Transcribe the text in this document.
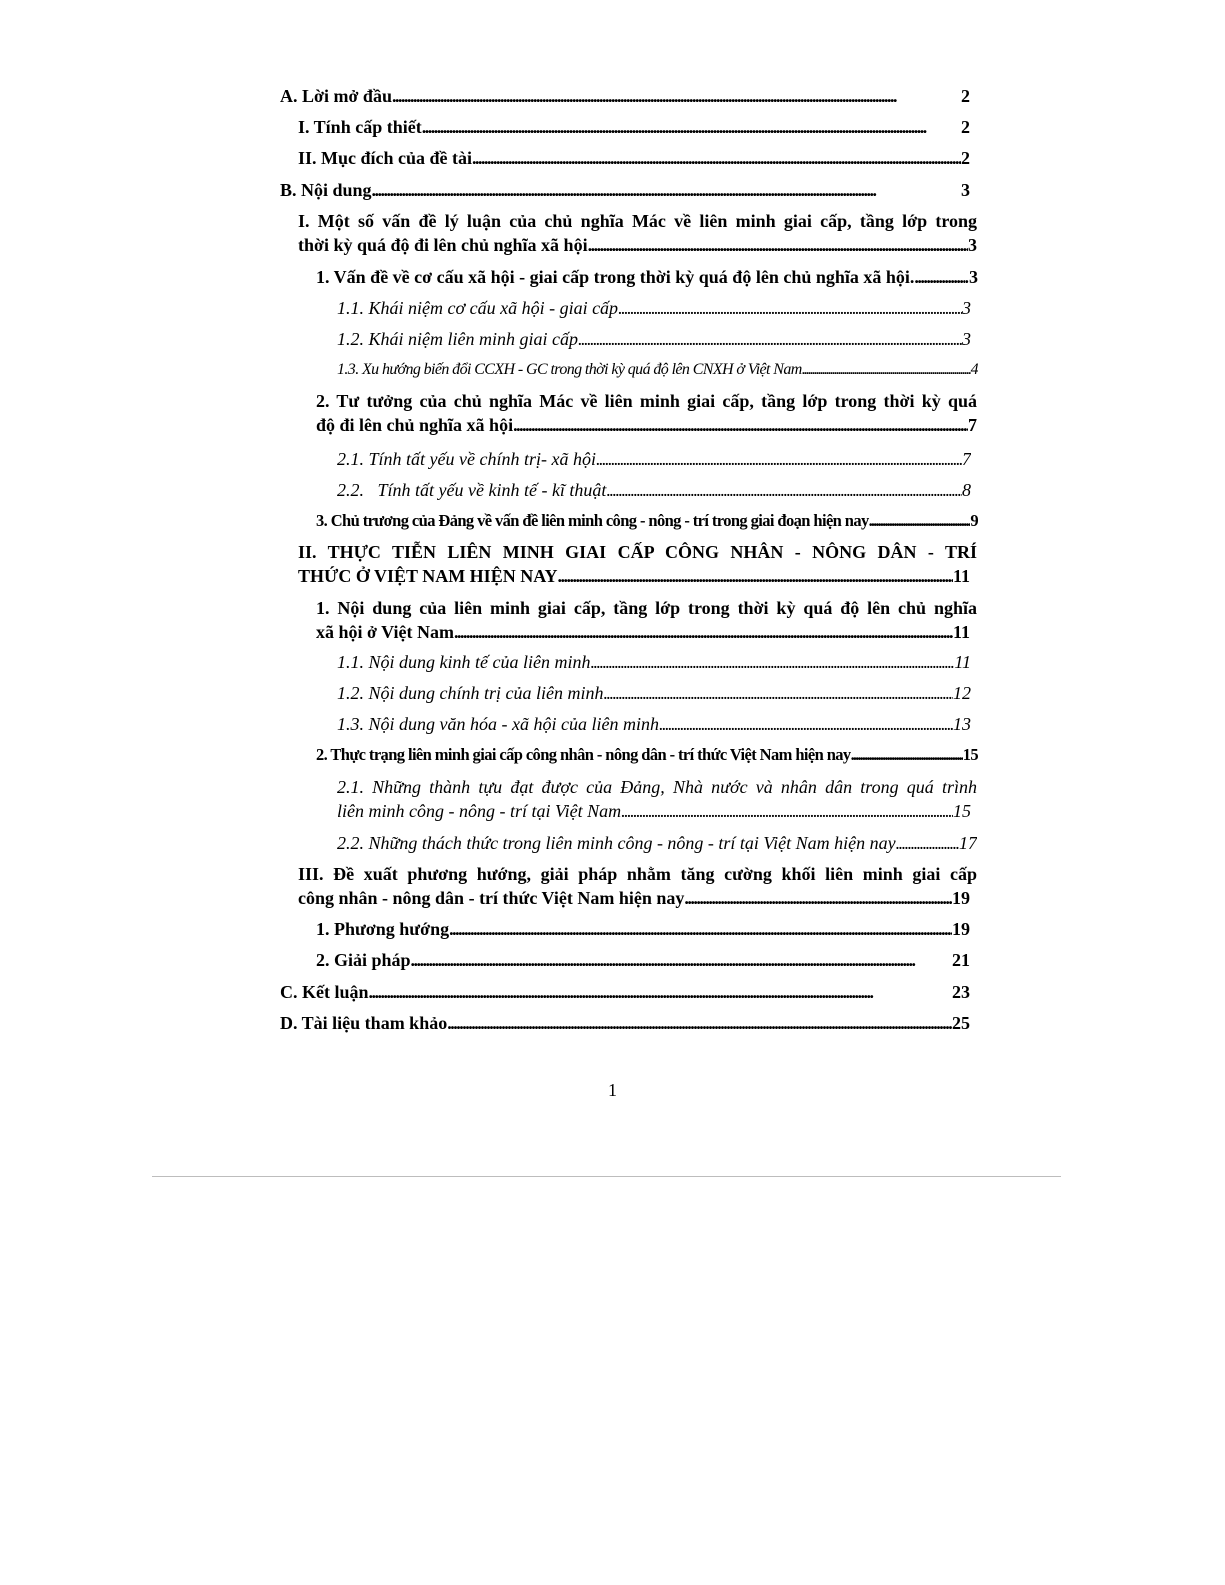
A. Lời mở đầu . . .	2
I. Tính cấp thiết . . .	2
II. Mục đích của đề tài . . .	2
B. Nội dung . . .	3
I. Một số vấn đề lý luận của chủ nghĩa Mác về liên minh giai cấp, tầng lớp trong
thời kỳ quá độ đi lên chủ nghĩa xã hội . . .	3
1. Vấn đề về cơ cấu xã hội - giai cấp trong thời kỳ quá độ lên chủ nghĩa xã hội. . . .	.3
1.1. Khái niệm cơ cấu xã hội - giai cấp . . .	3
1.2. Khái niệm liên minh giai cấp . . .	3
1.3. Xu hướng biến đổi CCXH - GC trong thời kỳ quá độ lên CNXH ở Việt Nam . . .	4
2. Tư tưởng của chủ nghĩa Mác về liên minh giai cấp, tầng lớp trong thời kỳ quá
độ đi lên chủ nghĩa xã hội . . .	7
2.1. Tính tất yếu về chính trị- xã hội . . .	7
2.2.   Tính tất yếu về kinh tế - kĩ thuật . . .	8
3. Chủ trương của Đảng về vấn đề liên minh công - nông - trí trong giai đoạn hiện nay . . .	9
II. THỰC TIỄN LIÊN MINH GIAI CẤP CÔNG NHÂN - NÔNG DÂN - TRÍ
THỨC Ở VIỆT NAM HIỆN NAY . . .	11
1. Nội dung của liên minh giai cấp, tầng lớp trong thời kỳ quá độ lên chủ nghĩa
xã hội ở Việt Nam . . .	11
1.1. Nội dung kinh tế của liên minh . . .	11
1.2. Nội dung chính trị của liên minh . . .	12
1.3. Nội dung văn hóa - xã hội của liên minh . . .	13
2. Thực trạng liên minh giai cấp công nhân - nông dân - trí thức Việt Nam hiện nay . . .	15
2.1. Những thành tựu đạt được của Đảng, Nhà nước và nhân dân trong quá trình
liên minh công - nông - trí tại Việt Nam . . .	15
2.2. Những thách thức trong liên minh công - nông - trí tại Việt Nam hiện nay . . .	17
III. Đề xuất phương hướng, giải pháp nhằm tăng cường khối liên minh giai cấp
công nhân - nông dân - trí thức Việt Nam hiện nay . . .	19
1. Phương hướng . . .	19
2. Giải pháp . . .	21
C. Kết luận . . .	23
D. Tài liệu tham khảo . . .	25
1
